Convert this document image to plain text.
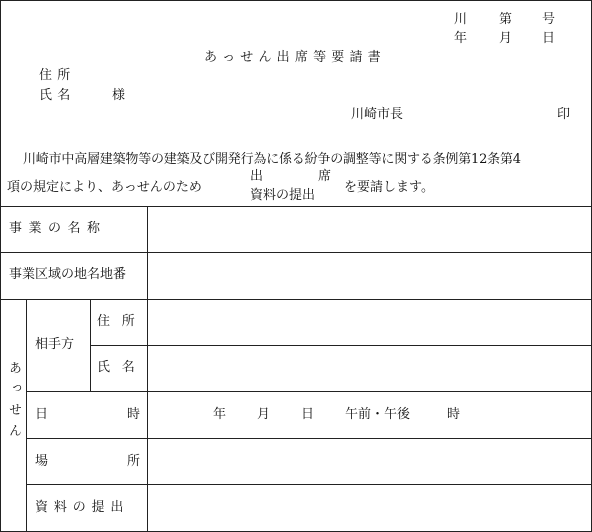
川 第 号
年 月 日
あっせん出席等要請書
住所
氏名	様
川崎市長	印
川崎市中高層建築物等の建築及び開発行為に係る紛争の調整等に関する条例第12条第4
項の規定により、あっせんのため
出	席
資料の提出
を要請します。
事業の名称
事業区域の地名地番
あっせん
相手方
住所
氏名
日	時	年 月 日 午前・午後	時
場	所
資料の提出
